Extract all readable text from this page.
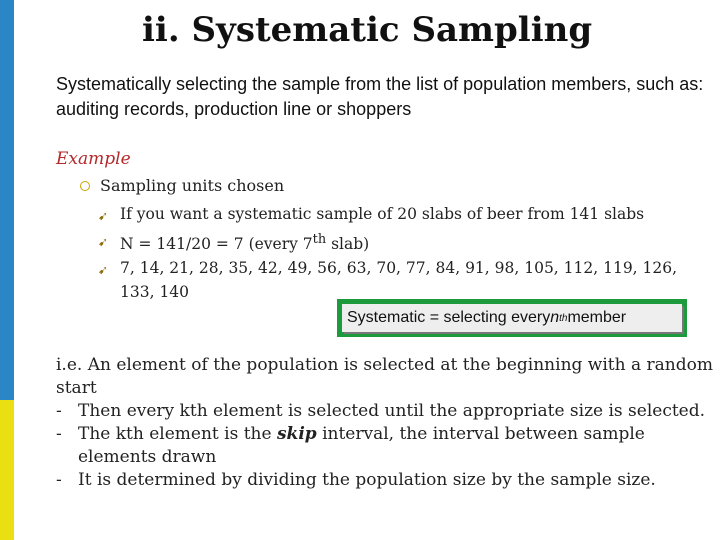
ii. Systematic Sampling
Systematically selecting the sample from the list of population members, such as: auditing records, production line or shoppers
Example
Sampling units chosen
➹ If you want a systematic sample of 20 slabs of beer from 141 slabs
➹ N = 141/20 = 7 (every 7th slab)
➹ 7, 14, 21, 28, 35, 42, 49, 56, 63, 70, 77, 84, 91, 98, 105, 112, 119, 126, 133, 140
Systematic = selecting every n th member
i.e. An element of the population is selected at the beginning with a random start
- Then every kth element is selected until the appropriate size is selected.
- The kth element is the skip interval, the interval between sample elements drawn
- It is determined by dividing the population size by the sample size.
